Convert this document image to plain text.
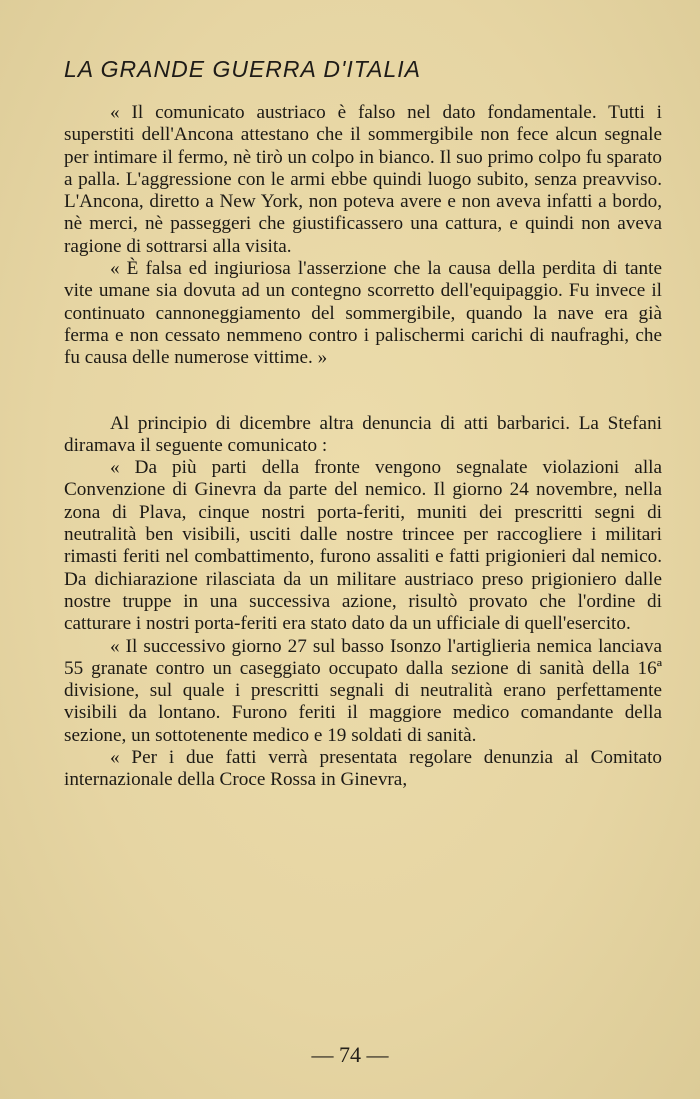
LA GRANDE GUERRA D'ITALIA

« Il comunicato austriaco è falso nel dato fondamentale. Tutti i superstiti dell'Ancona attestano che il sommergibile non fece alcun segnale per intimare il fermo, nè tirò un colpo in bianco. Il suo primo colpo fu sparato a palla. L'aggressione con le armi ebbe quindi luogo subito, senza preavviso. L'Ancona, diretto a New York, non poteva avere e non aveva infatti a bordo, nè merci, nè passeggeri che giustificassero una cattura, e quindi non aveva ragione di sottrarsi alla visita.

« È falsa ed ingiuriosa l'asserzione che la causa della perdita di tante vite umane sia dovuta ad un contegno scorretto dell'equipaggio. Fu invece il continuato cannoneggiamento del sommergibile, quando la nave era già ferma e non cessato nemmeno contro i palischermi carichi di naufraghi, che fu causa delle numerose vittime. »

Al principio di dicembre altra denuncia di atti barbarici. La Stefani diramava il seguente comunicato :

« Da più parti della fronte vengono segnalate violazioni alla Convenzione di Ginevra da parte del nemico. Il giorno 24 novembre, nella zona di Plava, cinque nostri porta-feriti, muniti dei prescritti segni di neutralità ben visibili, usciti dalle nostre trincee per raccogliere i militari rimasti feriti nel combattimento, furono assaliti e fatti prigionieri dal nemico. Da dichiarazione rilasciata da un militare austriaco preso prigioniero dalle nostre truppe in una successiva azione, risultò provato che l'ordine di catturare i nostri porta-feriti era stato dato da un ufficiale di quell'esercito.

« Il successivo giorno 27 sul basso Isonzo l'artiglieria nemica lanciava 55 granate contro un caseggiato occupato dalla sezione di sanità della 16ª divisione, sul quale i prescritti segnali di neutralità erano perfettamente visibili da lontano. Furono feriti il maggiore medico comandante della sezione, un sottotenente medico e 19 soldati di sanità.

« Per i due fatti verrà presentata regolare denunzia al Comitato internazionale della Croce Rossa in Ginevra,

— 74 —
